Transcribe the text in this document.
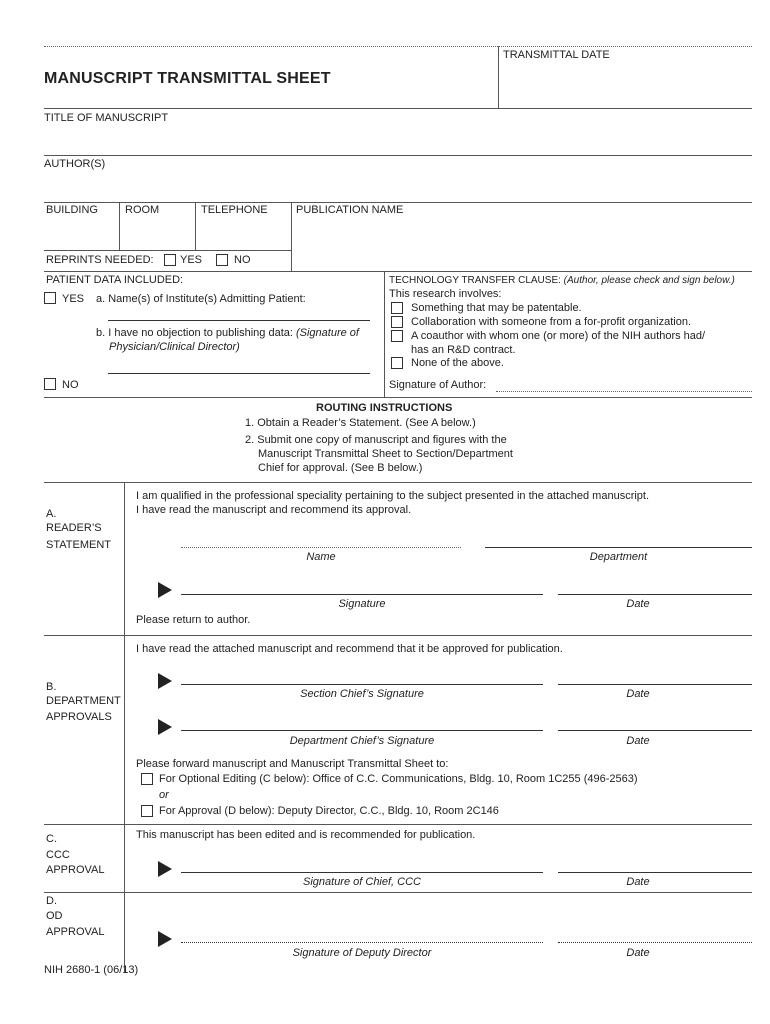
TRANSMITTAL DATE
MANUSCRIPT TRANSMITTAL SHEET
TITLE OF MANUSCRIPT
AUTHOR(S)
BUILDING ROOM	TELEPHONE	PUBLICATION NAME
REPRINTS NEEDED: YES	NO
PATIENT DATA INCLUDED:
YES a. Name(s) of Institute(s) Admitting Patient:
b. I have no objection to publishing data: (Signature of
Physician/Clinical Director)
NO
TECHNOLOGY TRANSFER CLAUSE: (Author, please check and sign below.)
This research involves:
Something that may be patentable.
Collaboration with someone from a for-profit organization.
A coauthor with whom one (or more) of the NIH authors had/
has an R&D contract.
None of the above.
Signature of Author:
ROUTING INSTRUCTIONS
1. Obtain a Reader’s Statement. (See A below.)
2. Submit one copy of manuscript and figures with the
Manuscript Transmittal Sheet to Section/Department
Chief for approval. (See B below.)
A.
READER’S
STATEMENT
I am qualified in the professional speciality pertaining to the subject presented in the attached manuscript.
I have read the manuscript and recommend its approval.
Name	Department
Signature	Date
Please return to author.
B.
DEPARTMENT
APPROVALS
I have read the attached manuscript and recommend that it be approved for publication.
Section Chief’s Signature	Date
Department Chief’s Signature	Date
Please forward manuscript and Manuscript Transmittal Sheet to:
For Optional Editing (C below): Office of C.C. Communications, Bldg. 10, Room 1C255 (496-2563)
or
For Approval (D below): Deputy Director, C.C., Bldg. 10, Room 2C146
C.
CCC
APPROVAL
This manuscript has been edited and is recommended for publication.
Signature of Chief, CCC	Date
D.
OD
APPROVAL
Signature of Deputy Director	Date
NIH 2680-1 (06/13)
